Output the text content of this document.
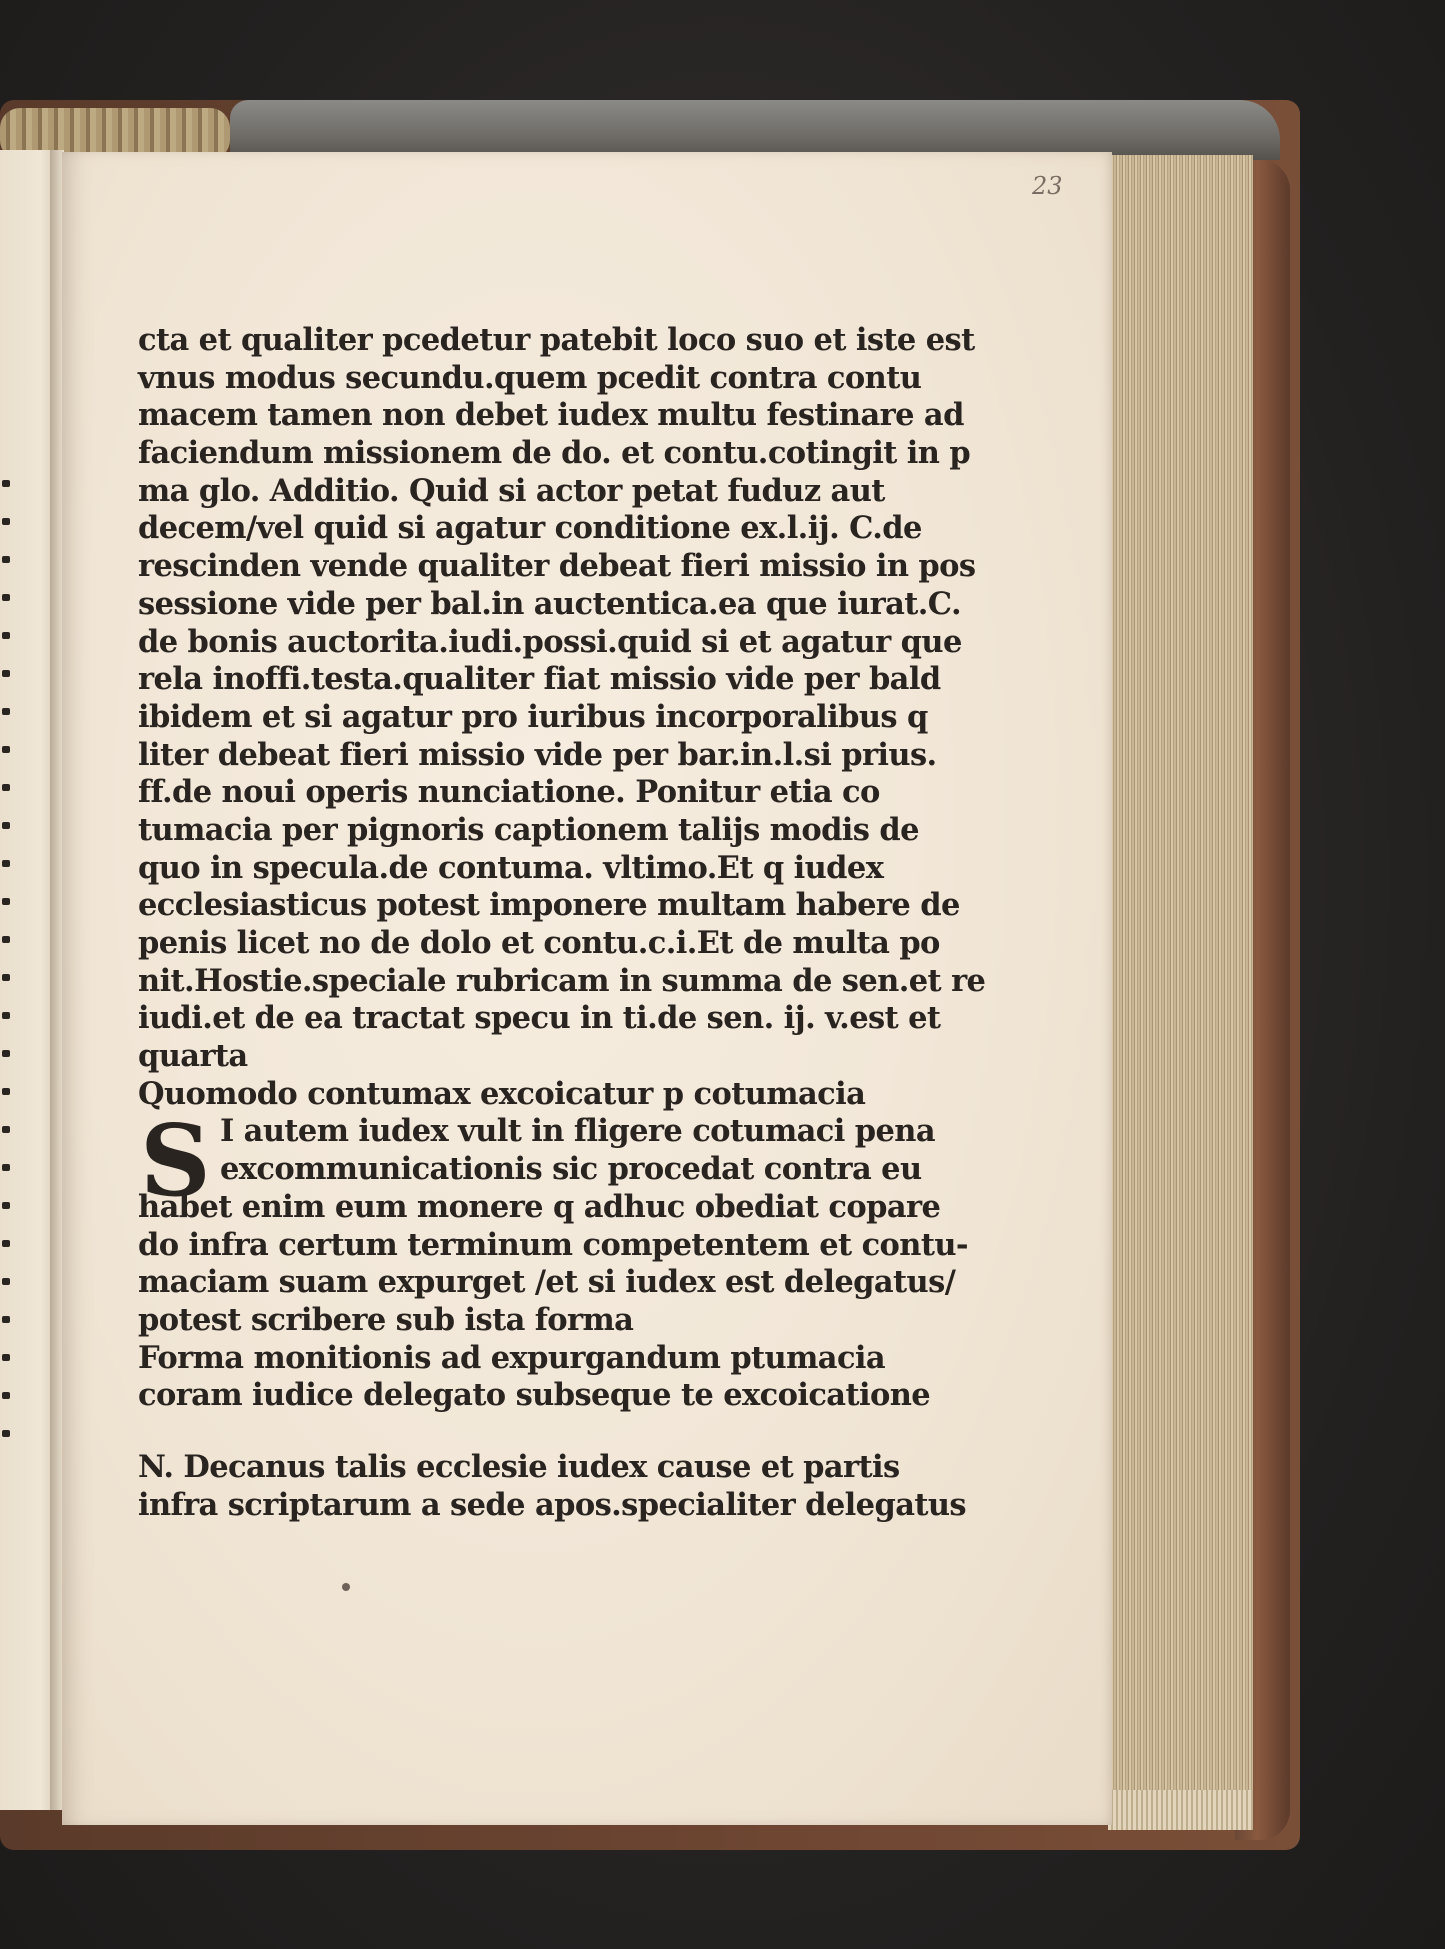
23
S
cta et qualiter pcedetur patebit loco suo et iste est
vnus modus secundu.quem pcedit contra contu
macem tamen non debet iudex multu festinare ad
faciendum missionem de do. et contu.cotingit in p
ma glo. Additio. Quid si actor petat fuduz aut
decem/vel quid si agatur conditione ex.l.ij. C.de
rescinden vende qualiter debeat fieri missio in pos
sessione vide per bal.in auctentica.ea que iurat.C.
de bonis auctorita.iudi.possi.quid si et agatur que
rela inoffi.testa.qualiter fiat missio vide per bald
ibidem et si agatur pro iuribus incorporalibus q
liter debeat fieri missio vide per bar.in.l.si prius.
ff.de noui operis nunciatione. Ponitur etia co
tumacia per pignoris captionem talijs modis de
quo in specula.de contuma. vltimo.Et q iudex
ecclesiasticus potest imponere multam habere de
penis licet no de dolo et contu.c.i.Et de multa po
nit.Hostie.speciale rubricam in summa de sen.et re
iudi.et de ea tractat specu in ti.de sen. ij. v.est et
quarta
Quomodo contumax excoicatur p cotumacia
I autem iudex vult in fligere cotumaci pena
excommunicationis sic procedat contra eu
habet enim eum monere q adhuc obediat copare
do infra certum terminum competentem et contu-
maciam suam expurget /et si iudex est delegatus/
potest scribere sub ista forma
Forma monitionis ad expurgandum ptumacia
coram iudice delegato subseque te excoicatione
N. Decanus talis ecclesie iudex cause et partis
infra scriptarum a sede apos.specialiter delegatus
